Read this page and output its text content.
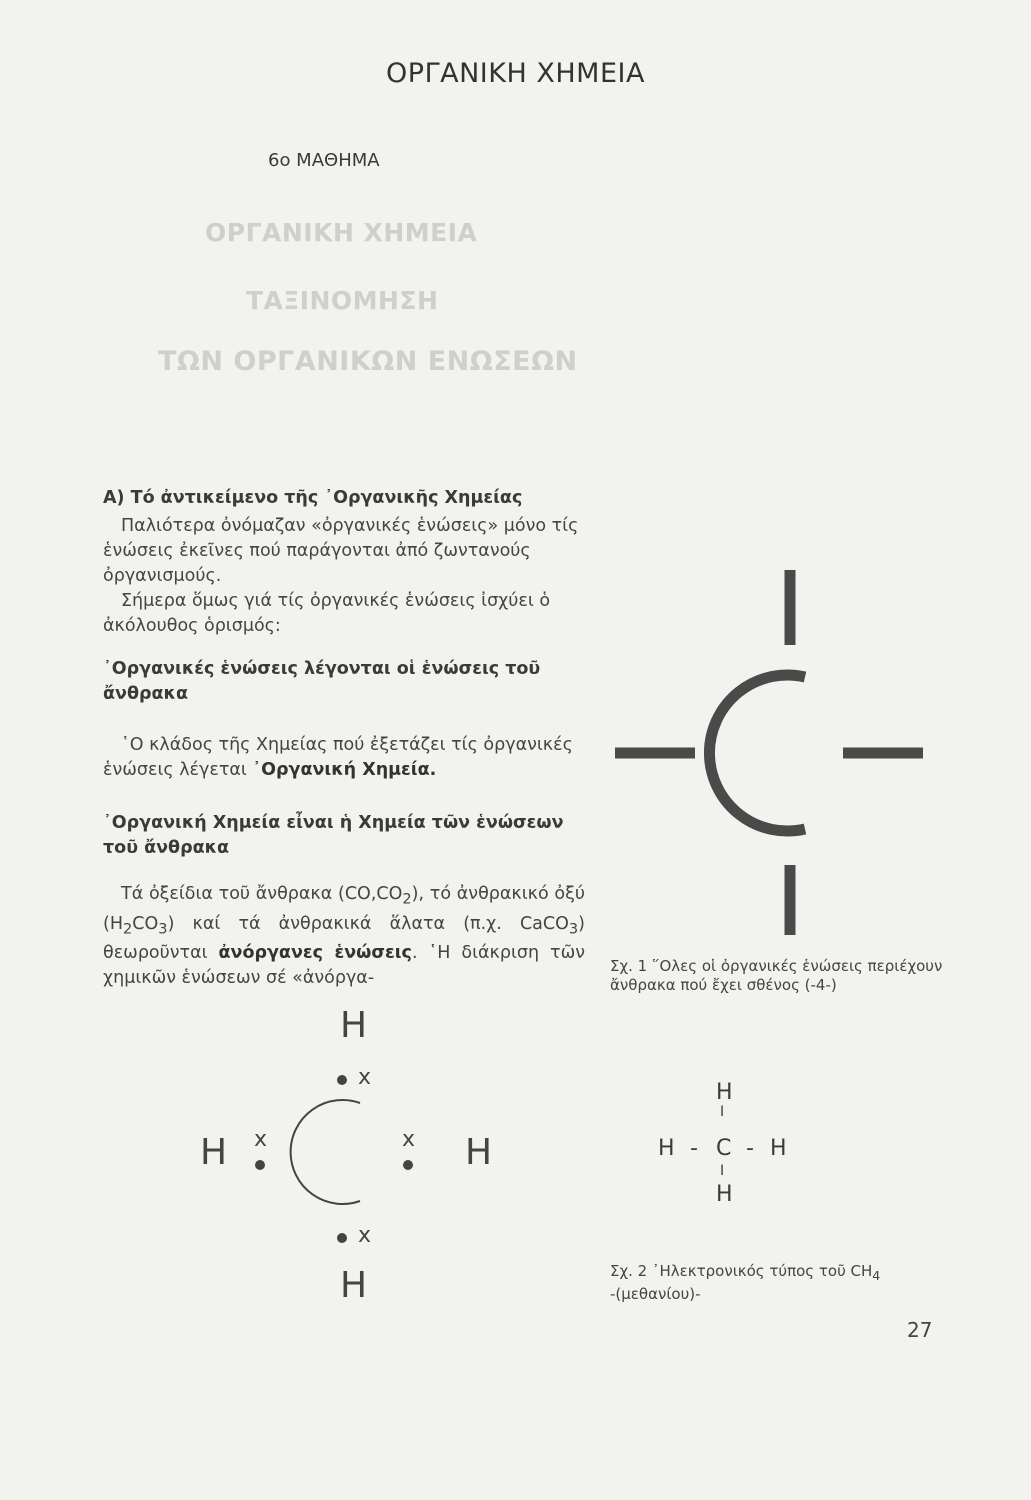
ΟΡΓΑΝΙΚΗ ΧΗΜΕΙΑ
6ο ΜΑΘΗΜΑ
ΟΡΓΑΝΙΚΗ ΧΗΜΕΙΑ
ΤΑΞΙΝΟΜΗΣΗ
ΤΩΝ ΟΡΓΑΝΙΚΩΝ ΕΝΩΣΕΩΝ
Α) Τό ἀντικείμενο τῆς ᾿Οργανικῆς Χημείας

Παλιότερα ὀνόμαζαν «ὀργανικές ἑνώσεις» μόνο τίς ἑνώσεις ἐκεῖνες πού παράγονται ἀπό ζωντανούς ὀργανισμούς.

Σήμερα ὅμως γιά τίς ὀργανικές ἑνώσεις ἰσχύει ὁ ἀκόλουθος ὁρισμός:

᾿Οργανικές ἑνώσεις λέγονται οἱ ἑνώσεις τοῦ ἄνθρακα

῾Ο κλάδος τῆς Χημείας πού ἐξετάζει τίς ὀργανικές ἑνώσεις λέγεται ᾿Οργανική Χημεία.

᾿Οργανική Χημεία εἶναι ἡ Χημεία τῶν ἑνώσεων τοῦ ἄνθρακα

Τά ὀξείδια τοῦ ἄνθρακα $(CO,CO_2)$, τό ἀνθρακικό ὀξύ $(H_2CO_3)$ καί τά ἀνθρακικά ἅλατα (π.χ. CaCO$_3$) θεωροῦνται ἀνόργανες ἑνώσεις. ῾Η διάκριση τῶν χημικῶν ἑνώσεων σέ «ἀνόργα-

Σχ. 1 ῞Ολες οἱ ὀργανικές ἑνώσεις περιέχουν ἄνθρακα πού ἔχει σθένος (-4-)
H
H	H
H
x
x	x
x
H
I
H - C - H
I
H
Σχ. 2 ᾿Ηλεκτρονικός τύπος τοῦ $CH_4$
-(μεθανίου)-
27
